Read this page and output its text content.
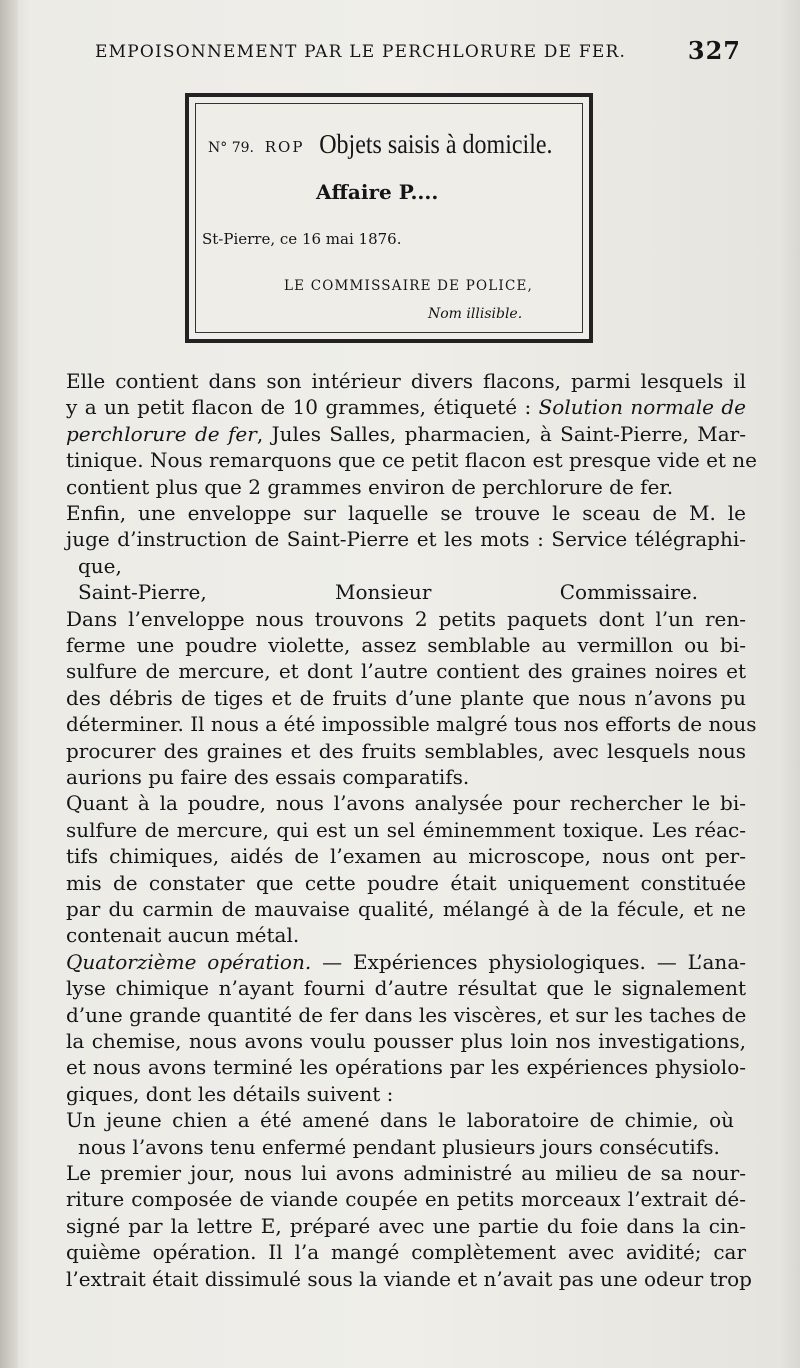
EMPOISONNEMENT PAR LE PERCHLORURE DE FER.	327
N° 79. ROP Objets saisis à domicile.
Affaire P....
St-Pierre, ce 16 mai 1876.
LE COMMISSAIRE DE POLICE,
Nom illisible.
Elle contient dans son intérieur divers flacons, parmi lesquels il
y a un petit flacon de 10 grammes, étiqueté : Solution normale de
perchlorure de fer, Jules Salles, pharmacien, à Saint-Pierre, Mar-
tinique. Nous remarquons que ce petit flacon est presque vide et ne
contient plus que 2 grammes environ de perchlorure de fer.
Enfin, une enveloppe sur laquelle se trouve le sceau de M. le
juge d’instruction de Saint-Pierre et les mots : Service télégraphi-
que,
Saint-Pierre, Monsieur	Commissaire.
Dans l’enveloppe nous trouvons 2 petits paquets dont l’un ren-
ferme une poudre violette, assez semblable au vermillon ou bi-
sulfure de mercure, et dont l’autre contient des graines noires et
des débris de tiges et de fruits d’une plante que nous n’avons pu
déterminer. Il nous a été impossible malgré tous nos efforts de nous
procurer des graines et des fruits semblables, avec lesquels nous
aurions pu faire des essais comparatifs.
Quant à la poudre, nous l’avons analysée pour rechercher le bi-
sulfure de mercure, qui est un sel éminemment toxique. Les réac-
tifs chimiques, aidés de l’examen au microscope, nous ont per-
mis de constater que cette poudre était uniquement constituée
par du carmin de mauvaise qualité, mélangé à de la fécule, et ne
contenait aucun métal.
Quatorzième opération. — Expériences physiologiques. — L’ana-
lyse chimique n’ayant fourni d’autre résultat que le signalement
d’une grande quantité de fer dans les viscères, et sur les taches de
la chemise, nous avons voulu pousser plus loin nos investigations,
et nous avons terminé les opérations par les expériences physiolo-
giques, dont les détails suivent :
Un jeune chien a été amené dans le laboratoire de chimie, où
nous l’avons tenu enfermé pendant plusieurs jours consécutifs.
Le premier jour, nous lui avons administré au milieu de sa nour-
riture composée de viande coupée en petits morceaux l’extrait dé-
signé par la lettre E, préparé avec une partie du foie dans la cin-
quième opération. Il l’a mangé complètement avec avidité; car
l’extrait était dissimulé sous la viande et n’avait pas une odeur trop
